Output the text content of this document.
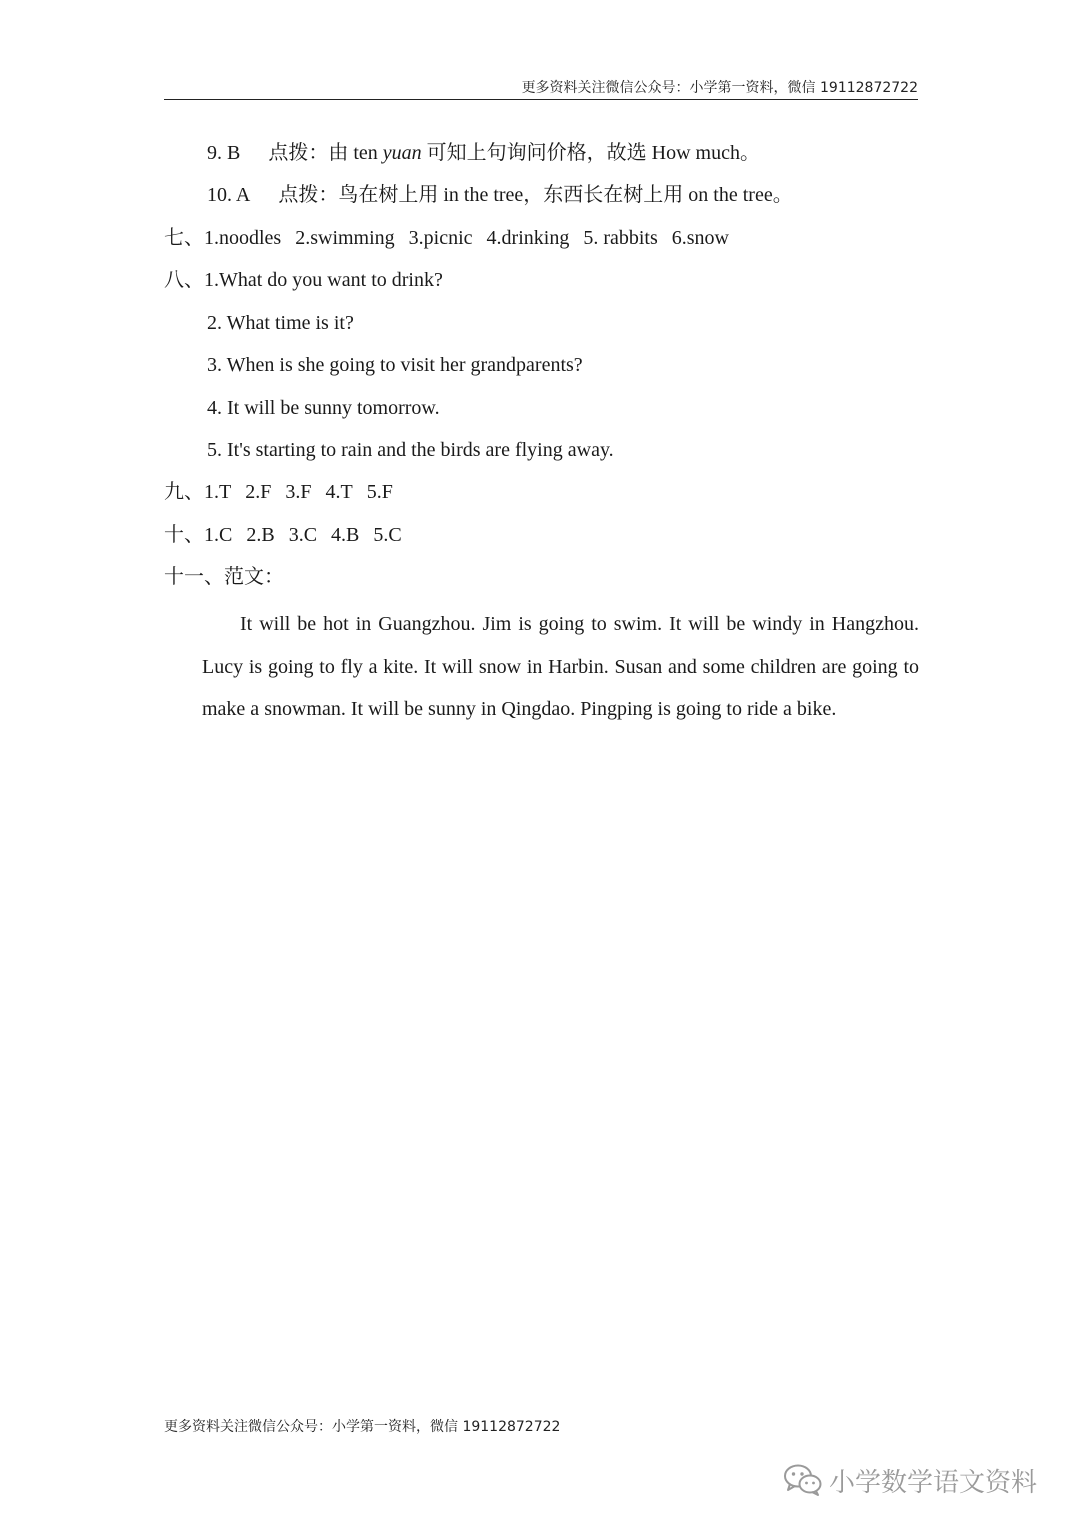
更多资料关注微信公众号：小学第一资料，微信 19112872722
9. B 点拨：由 ten yuan 可知上句询问价格，故选 How much。
10. A 点拨：鸟在树上用 in the tree，东西长在树上用 on the tree。
七、1.noodles 2.swimming 3.picnic 4.drinking 5. rabbits 6.snow
八、1.What do you want to drink?
2. What time is it?
3. When is she going to visit her grandparents?
4. It will be sunny tomorrow.
5. It's starting to rain and the birds are flying away.
九、1.T 2.F 3.F 4.T 5.F
十、1.C 2.B 3.C 4.B 5.C
十一、范文：
It will be hot in Guangzhou. Jim is going to swim. It will be windy in Hangzhou. Lucy is going to fly a kite. It will snow in Harbin. Susan and some children are going to make a snowman. It will be sunny in Qingdao. Pingping is going to ride a bike.
更多资料关注微信公众号：小学第一资料，微信 19112872722
小学数学语文资料
